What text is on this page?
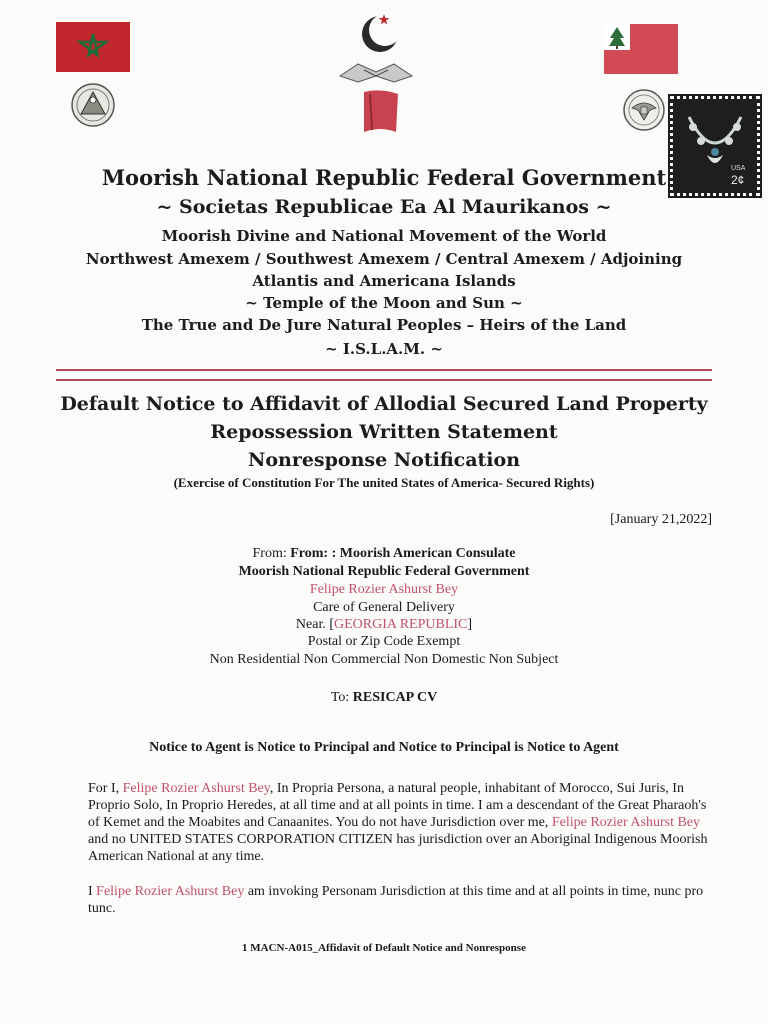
USA
2¢
Moorish National Republic Federal Government
~ Societas Republicae Ea Al Maurikanos ~
Moorish Divine and National Movement of the World
Northwest Amexem / Southwest Amexem / Central Amexem / Adjoining
Atlantis and Americana Islands
~ Temple of the Moon and Sun ~
The True and De Jure Natural Peoples – Heirs of the Land
~ I.S.L.A.M. ~
Default Notice to Affidavit of Allodial Secured Land Property
Repossession Written Statement
Nonresponse Notification
(Exercise of Constitution For The united States of America- Secured Rights)
[January 21,2022]
From: From: : Moorish American Consulate
Moorish National Republic Federal Government
Felipe Rozier Ashurst Bey
Care of General Delivery
Near. [GEORGIA REPUBLIC]
Postal or Zip Code Exempt
Non Residential Non Commercial Non Domestic Non Subject
To: RESICAP CV
Notice to Agent is Notice to Principal and Notice to Principal is Notice to Agent

For I, Felipe Rozier Ashurst Bey, In Propria Persona, a natural people, inhabitant of Morocco, Sui Juris, In Proprio Solo, In Proprio Heredes, at all time and at all points in time. I am a descendant of the Great Pharaoh's of Kemet and the Moabites and Canaanites. You do not have Jurisdiction over me, Felipe Rozier Ashurst Bey and no UNITED STATES CORPORATION CITIZEN has jurisdiction over an Aboriginal Indigenous Moorish American National at any time.

I Felipe Rozier Ashurst Bey am invoking Personam Jurisdiction at this time and at all points in time, nunc pro tunc.

1 MACN-A015_Affidavit of Default Notice and Nonresponse
